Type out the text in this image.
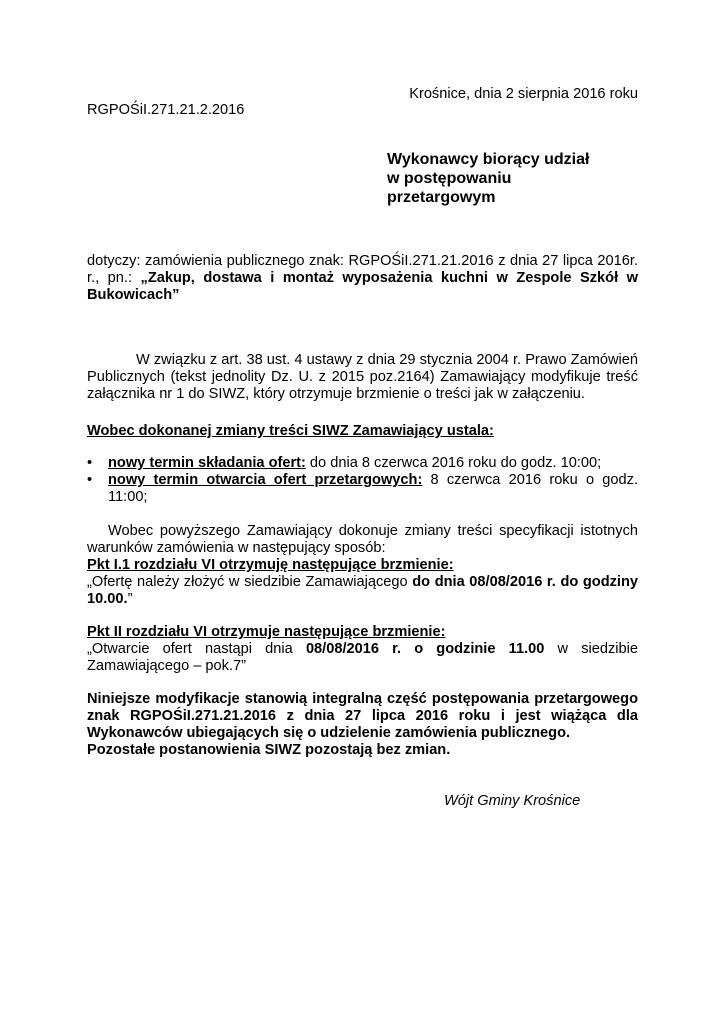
Krośnice, dnia 2 sierpnia 2016 roku
RGPOŚiI.271.21.2.2016
Wykonawcy biorący udział
w postępowaniu
przetargowym
dotyczy: zamówienia publicznego znak: RGPOŚiI.271.21.2016 z dnia 27 lipca 2016r. r., pn.: „Zakup, dostawa i montaż wyposażenia kuchni w Zespole Szkół w Bukowicach”

W związku z art. 38 ust. 4 ustawy z dnia 29 stycznia 2004 r. Prawo Zamówień Publicznych (tekst jednolity Dz. U. z 2015 poz.2164) Zamawiający modyfikuje treść załącznika nr 1 do SIWZ, który otrzymuje brzmienie o treści jak w załączeniu.

Wobec dokonanej zmiany treści SIWZ Zamawiający ustala:
• nowy termin składania ofert: do dnia 8 czerwca 2016 roku do godz. 10:00;
• nowy termin otwarcia ofert przetargowych: 8 czerwca 2016 roku o godz. 11:00;

Wobec powyższego Zamawiający dokonuje zmiany treści specyfikacji istotnych warunków zamówienia w następujący sposób:

Pkt I.1 rozdziału VI otrzymuję następujące brzmienie:
„Ofertę należy złożyć w siedzibie Zamawiającego do dnia 08/08/2016 r. do godziny 10.00.”
Pkt II rozdziału VI otrzymuje następujące brzmienie:
„Otwarcie ofert nastąpi dnia 08/08/2016 r. o godzinie 11.00 w siedzibie Zamawiającego – pok.7”

Niniejsze modyfikacje stanowią integralną część postępowania przetargowego znak RGPOŚiI.271.21.2016 z dnia 27 lipca 2016 roku i jest wiążąca dla Wykonawców ubiegających się o udzielenie zamówienia publicznego.

Pozostałe postanowienia SIWZ pozostają bez zmian.

Wójt Gminy Krośnice
